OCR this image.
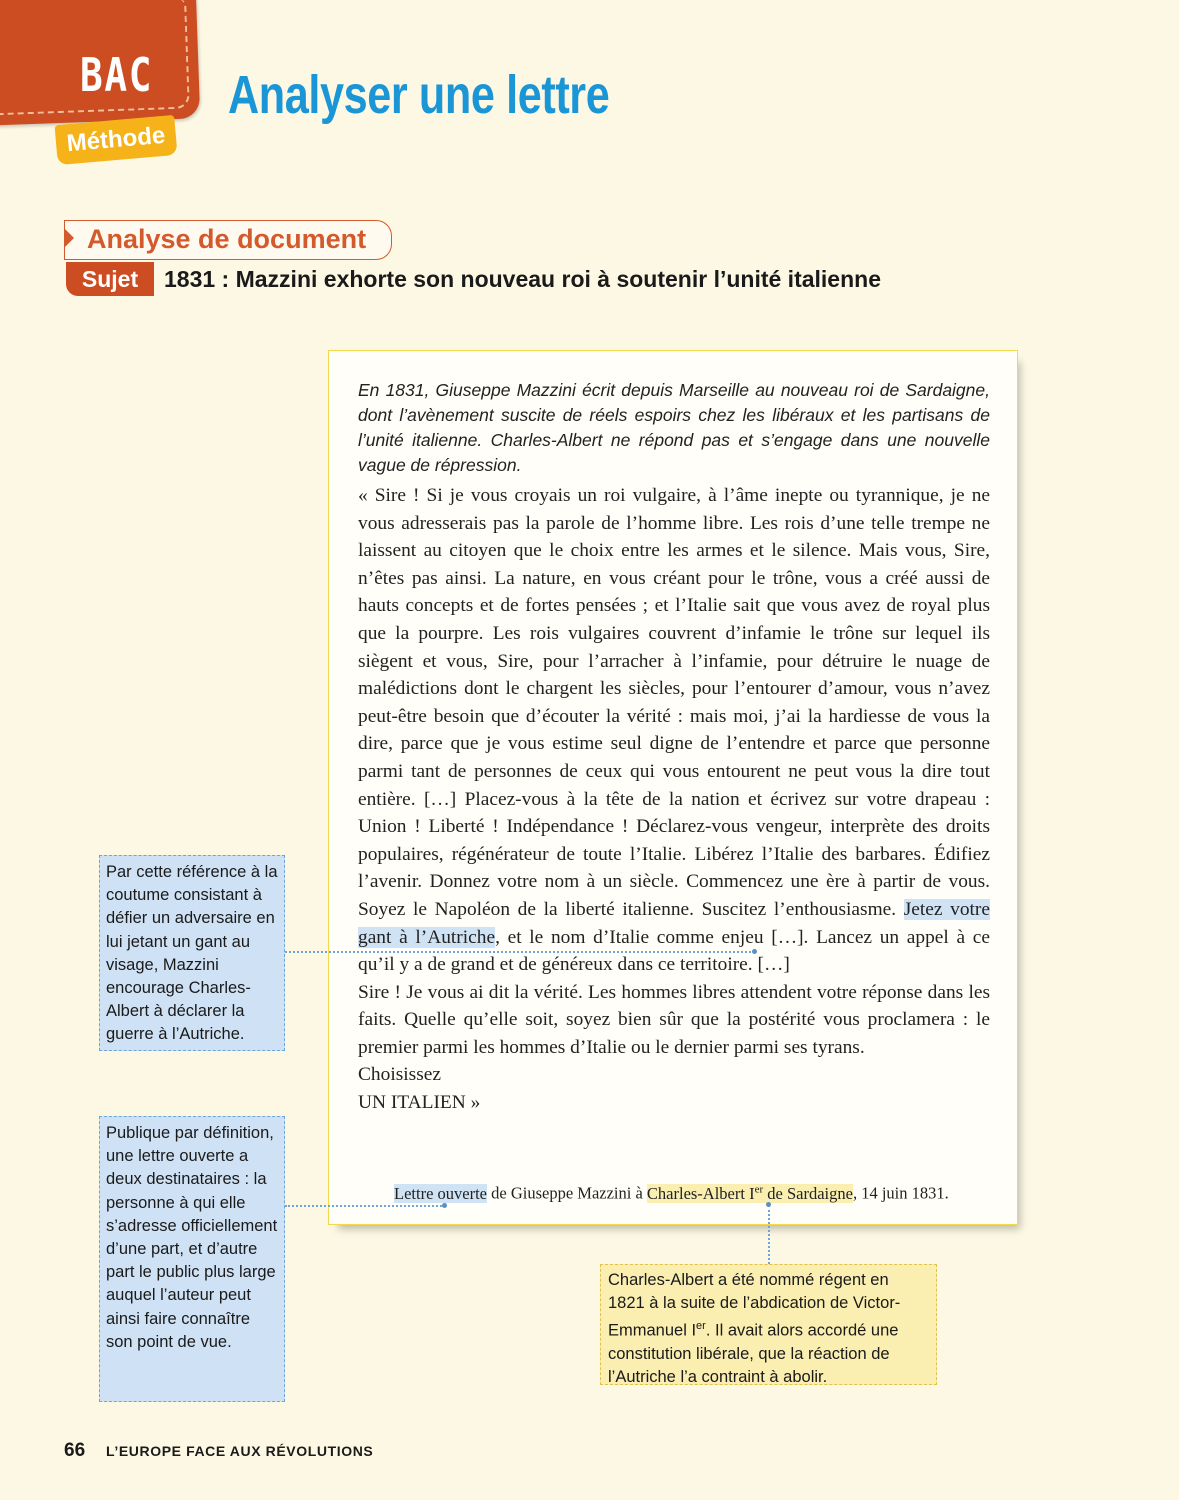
BAC
Méthode
Analyser une lettre
Analyse de document
Sujet	1831 : Mazzini exhorte son nouveau roi à soutenir l’unité italienne
En 1831, Giuseppe Mazzini écrit depuis Marseille au nouveau roi de Sardaigne, dont l’avènement suscite de réels espoirs chez les libéraux et les partisans de l’unité italienne. Charles-Albert ne répond pas et s’engage dans une nouvelle vague de répression.

« Sire ! Si je vous croyais un roi vulgaire, à l’âme inepte ou tyrannique, je ne vous adresserais pas la parole de l’homme libre. Les rois d’une telle trempe ne laissent au citoyen que le choix entre les armes et le silence. Mais vous, Sire, n’êtes pas ainsi. La nature, en vous créant pour le trône, vous a créé aussi de hauts concepts et de fortes pensées ; et l’Italie sait que vous avez de royal plus que la pourpre. Les rois vulgaires couvrent d’infamie le trône sur lequel ils siègent et vous, Sire, pour l’arracher à l’infamie, pour détruire le nuage de malédictions dont le chargent les siècles, pour l’entourer d’amour, vous n’avez peut-être besoin que d’écouter la vérité : mais moi, j’ai la hardiesse de vous la dire, parce que je vous estime seul digne de l’entendre et parce que personne parmi tant de personnes de ceux qui vous entourent ne peut vous la dire tout entière. […] Placez-vous à la tête de la nation et écrivez sur votre drapeau : Union ! Liberté ! Indépendance ! Déclarez-vous vengeur, interprète des droits populaires, régénérateur de toute l’Italie. Libérez l’Italie des barbares. Édifiez l’avenir. Donnez votre nom à un siècle. Commencez une ère à partir de vous. Soyez le Napoléon de la liberté italienne. Suscitez l’enthousiasme. Jetez votre gant à l’Autriche, et le nom d’Italie comme enjeu […]. Lancez un appel à ce qu’il y a de grand et de généreux dans ce territoire. […]

Sire ! Je vous ai dit la vérité. Les hommes libres attendent votre réponse dans les faits. Quelle qu’elle soit, soyez bien sûr que la postérité vous proclamera : le premier parmi les hommes d’Italie ou le dernier parmi ses tyrans.

Choisissez

UN ITALIEN »

Lettre ouverte de Giuseppe Mazzini à Charles-Albert Ier de Sardaigne, 14 juin 1831.
Par cette référence à la coutume consistant à défier un adversaire en lui jetant un gant au visage, Mazzini encourage Charles-Albert à déclarer la guerre à l’Autriche.
Publique par définition, une lettre ouverte a deux destinataires : la personne à qui elle s’adresse officiellement d’une part, et d’autre part le public plus large auquel l’auteur peut ainsi faire connaître son point de vue.
Charles-Albert a été nommé régent en 1821 à la suite de l’abdication de Victor-Emmanuel Ier. Il avait alors accordé une constitution libérale, que la réaction de l’Autriche l’a contraint à abolir.
66 L’EUROPE FACE AUX RÉVOLUTIONS
